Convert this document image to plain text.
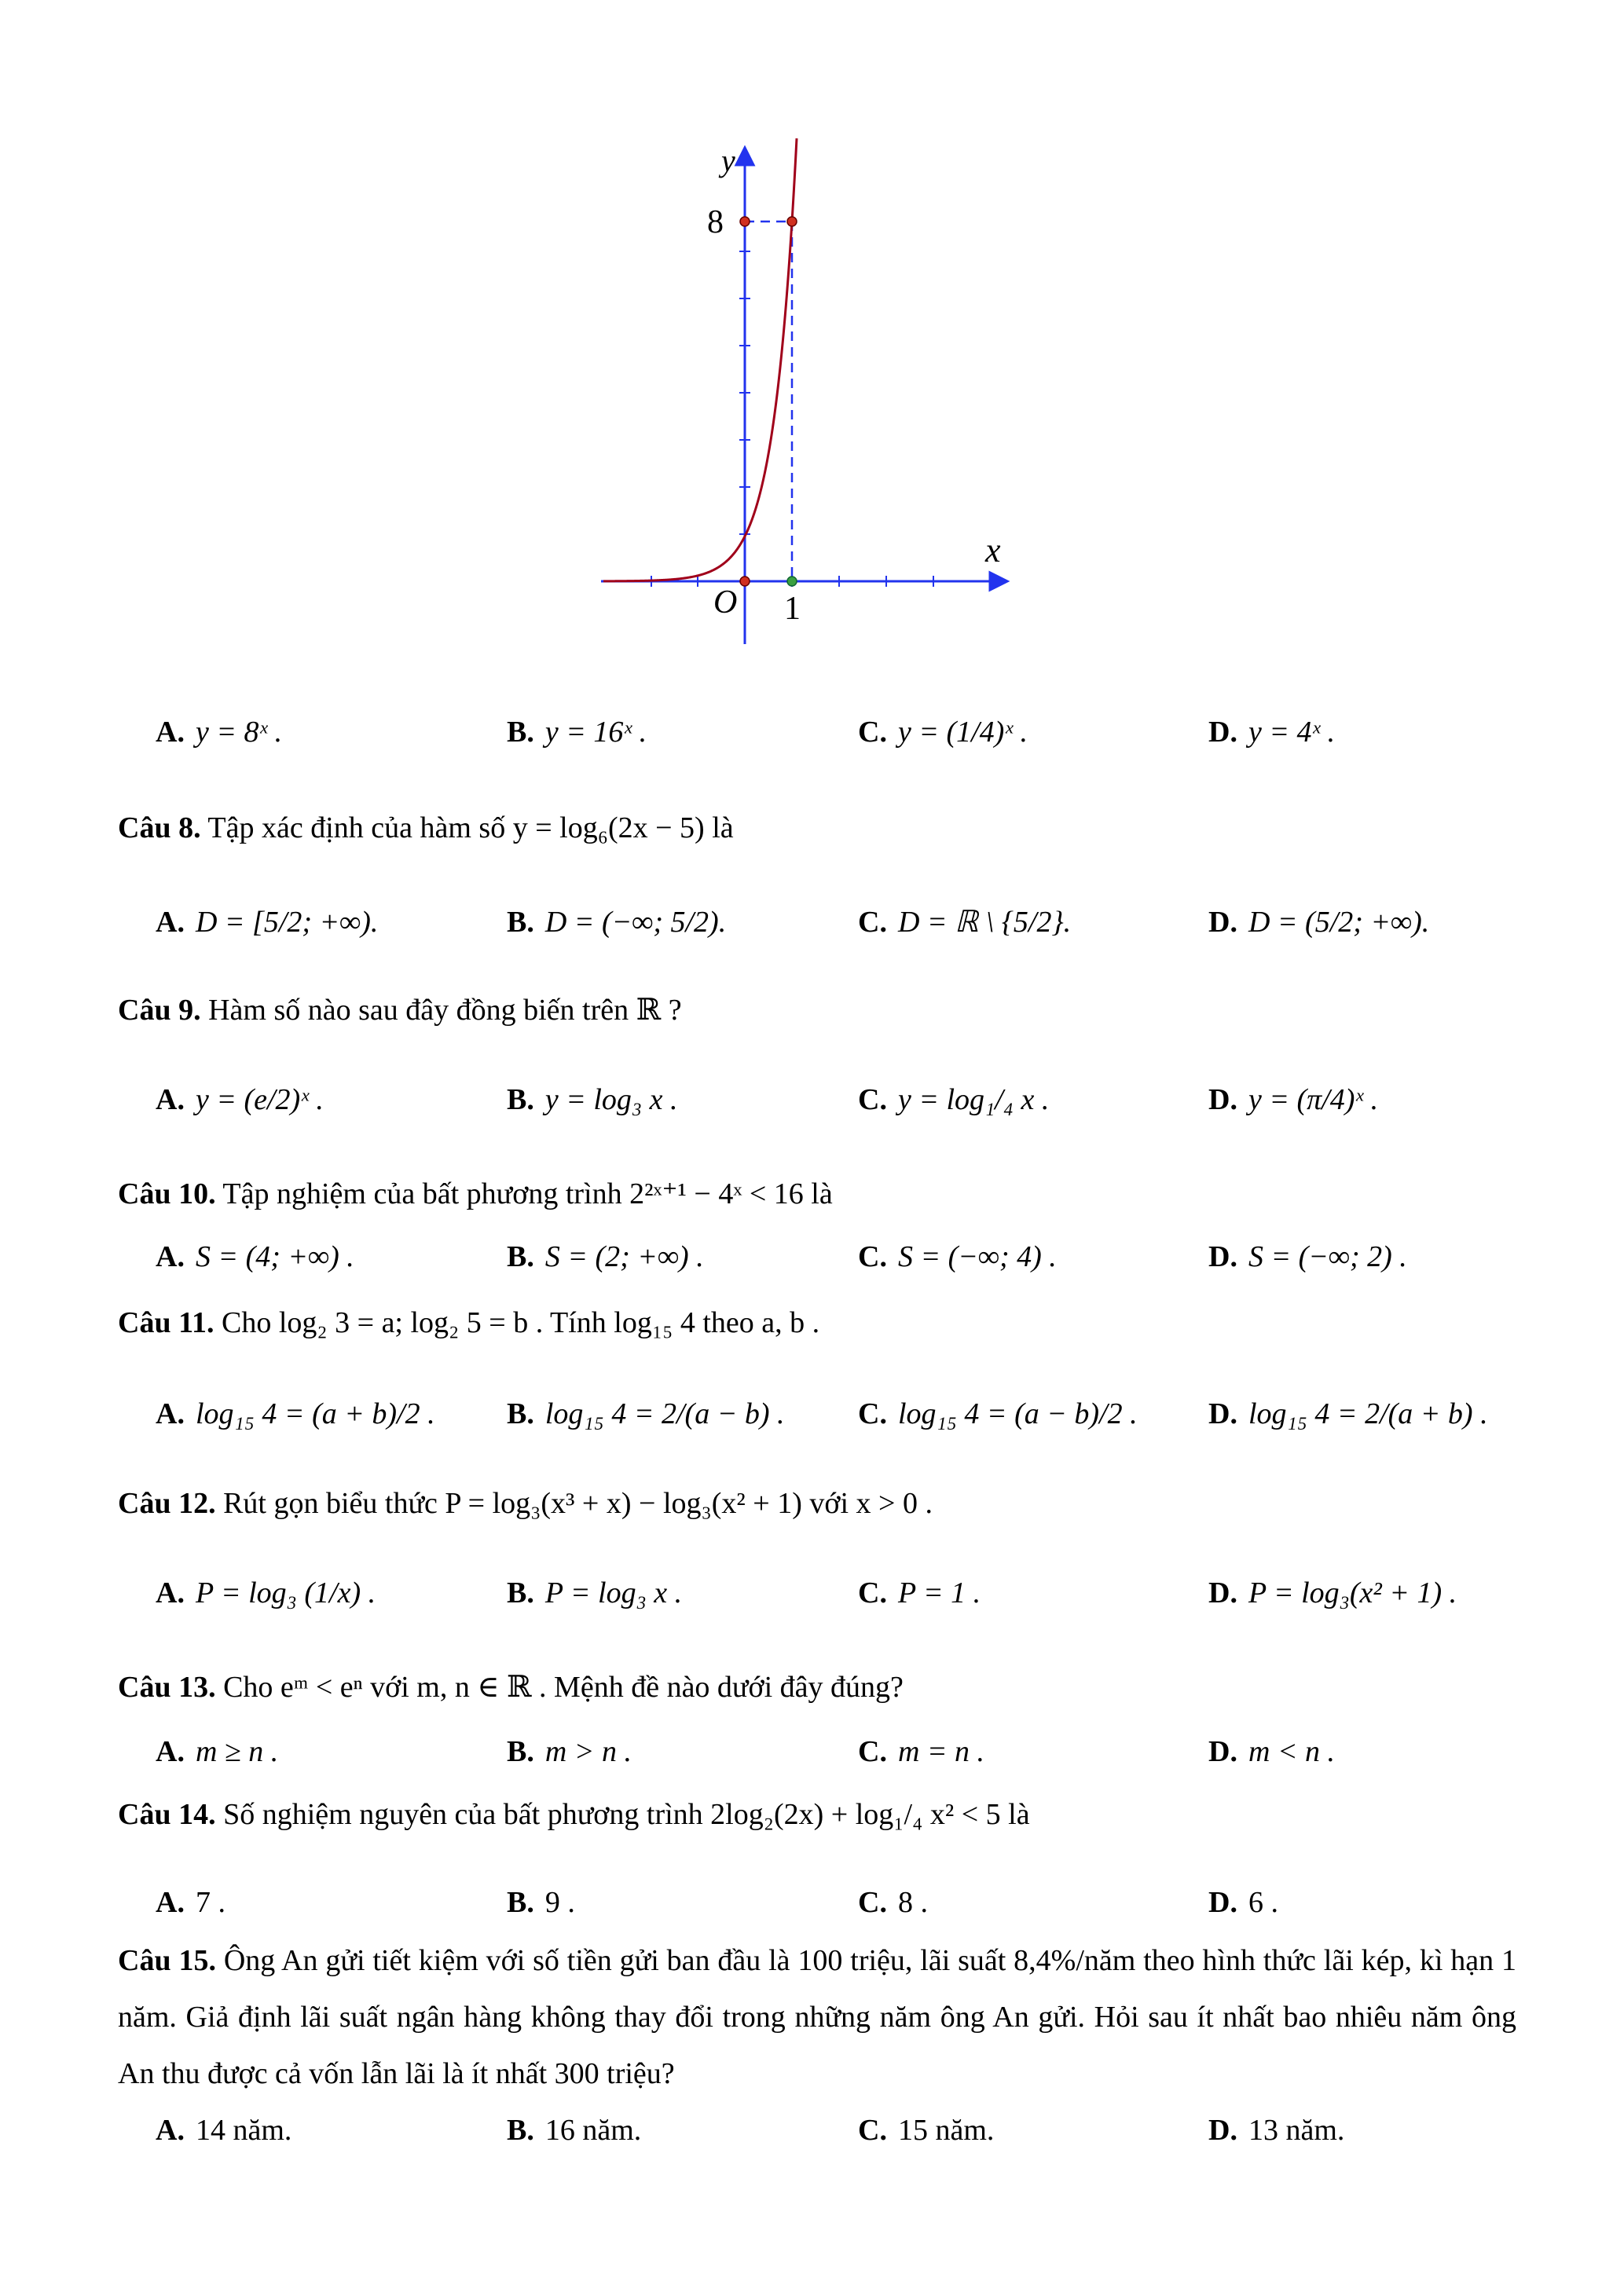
y
x
O
8
1
A. y = 8ˣ .	B. y = 16ˣ .	C. y = (1/4)ˣ .	D. y = 4ˣ .
Câu 8. Tập xác định của hàm số y = log₆(2x − 5) là
A. D = [5/2; +∞).	B. D = (−∞; 5/2).	C. D = ℝ \ {5/2}.	D. D = (5/2; +∞).
Câu 9. Hàm số nào sau đây đồng biến trên ℝ ?
A. y = (e/2)ˣ .	B. y = log₃ x .	C. y = log₁/₄ x .	D. y = (π/4)ˣ .
Câu 10. Tập nghiệm của bất phương trình 2²ˣ⁺¹ − 4ˣ < 16 là
A. S = (4; +∞) .	B. S = (2; +∞) .	C. S = (−∞; 4) .	D. S = (−∞; 2) .
Câu 11. Cho log₂ 3 = a; log₂ 5 = b . Tính log₁₅ 4 theo a, b .
A. log₁₅ 4 = (a + b)/2 . B. log₁₅ 4 = 2/(a − b) . C. log₁₅ 4 = (a − b)/2 . D. log₁₅ 4 = 2/(a + b) .
Câu 12. Rút gọn biểu thức P = log₃(x³ + x) − log₃(x² + 1) với x > 0 .
A. P = log₃ (1/x) .	B. P = log₃ x .	C. P = 1 .	D. P = log₃(x² + 1) .
Câu 13. Cho eᵐ < eⁿ với m, n ∈ ℝ . Mệnh đề nào dưới đây đúng?
A. m ≥ n .	B. m > n .	C. m = n .	D. m < n .
Câu 14. Số nghiệm nguyên của bất phương trình 2log₂(2x) + log₁/₄ x² < 5 là
A. 7 .	B. 9 .	C. 8 .	D. 6 .
Câu 15. Ông An gửi tiết kiệm với số tiền gửi ban đầu là 100 triệu, lãi suất 8,4%/năm theo hình thức lãi kép, kì hạn 1 năm. Giả định lãi suất ngân hàng không thay đổi trong những năm ông An gửi. Hỏi sau ít nhất bao nhiêu năm ông An thu được cả vốn lẫn lãi là ít nhất 300 triệu?
A. 14 năm.	B. 16 năm.	C. 15 năm.	D. 13 năm.
